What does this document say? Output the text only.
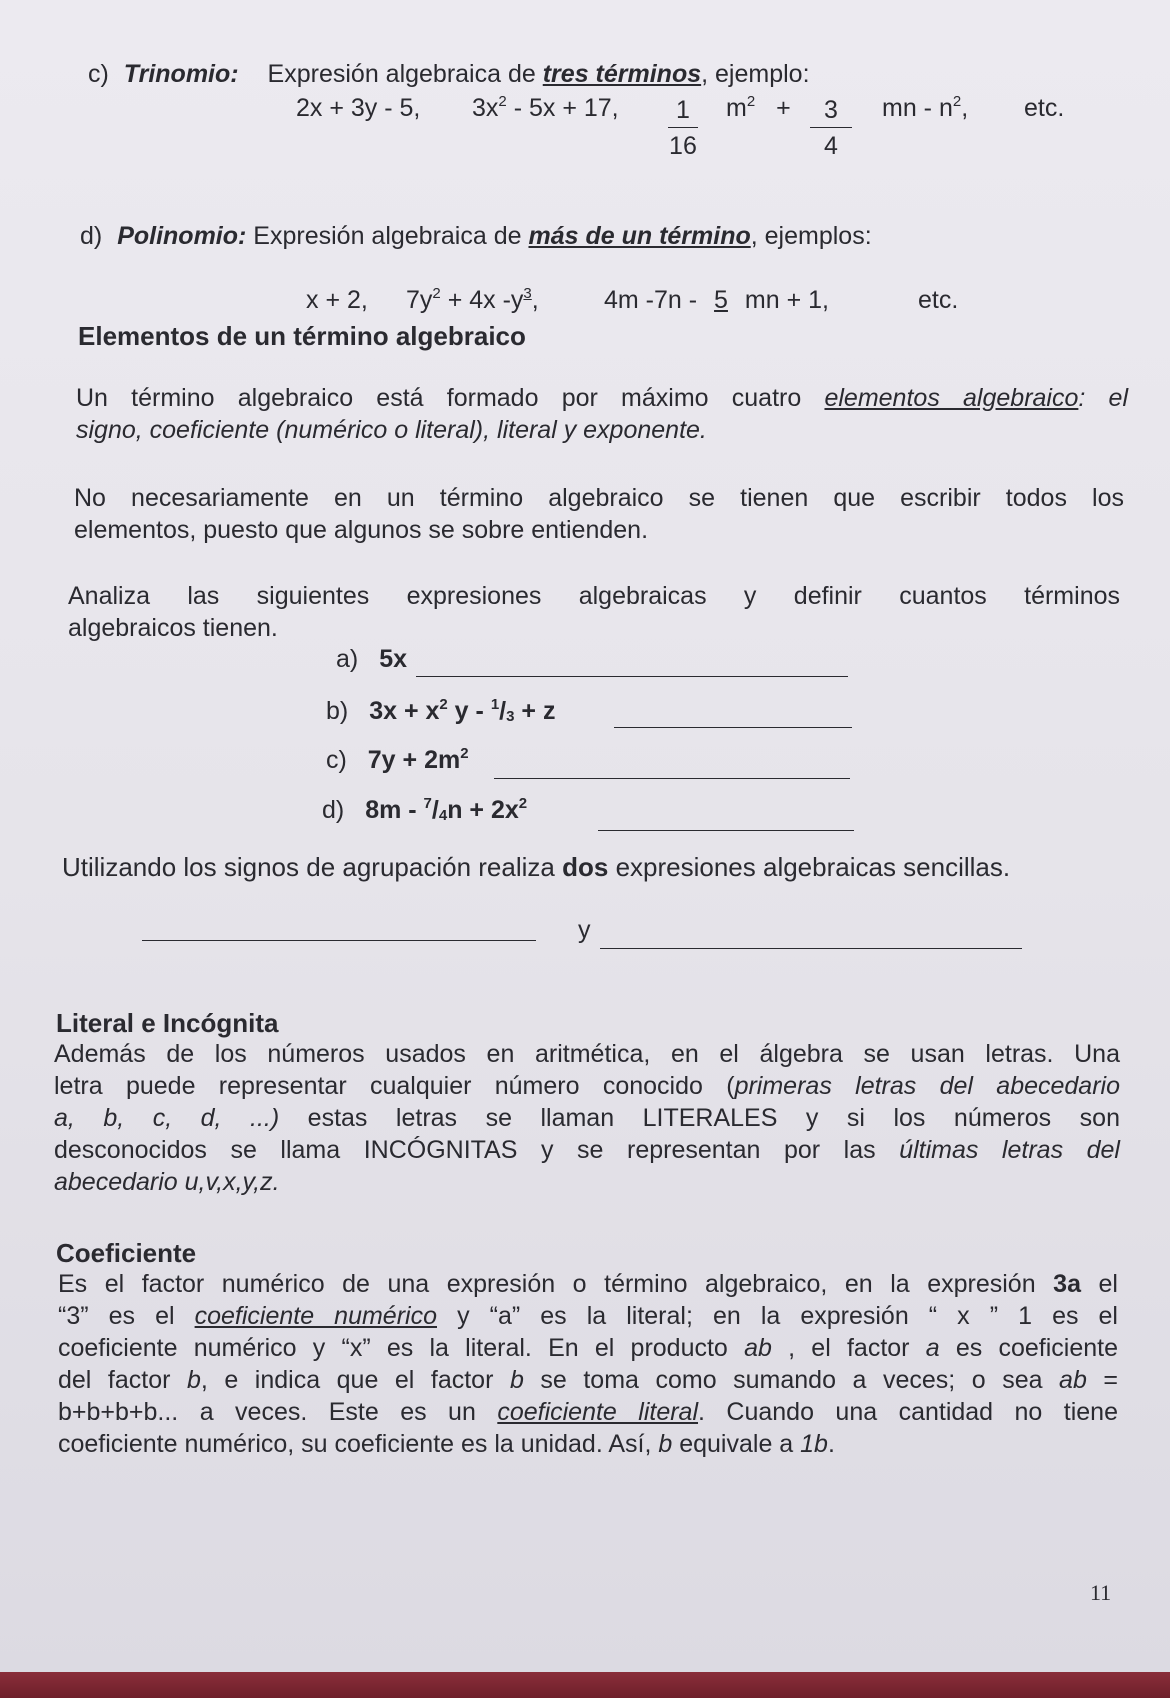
c) Trinomio: Expresión algebraica de tres términos, ejemplo:
2x + 3y - 5, $3x^2 - 5x + 17$, $\frac{1}{16} m^2 + \frac{3}{4}$ mn - $n^2$, etc.
d) Polinomio: Expresión algebraica de más de un término, ejemplos:
x + 2, $7y^2 + 4x$ $-y^3$,	4m -7n - 5 mn + 1,	etc.
Elementos de un término algebraico
Un término algebraico está formado por máximo cuatro elementos algebraico: el
signo, coeficiente (numérico o literal), literal y exponente.
No necesariamente en un término algebraico se tienen que escribir todos los
elementos, puesto que algunos se sobre entienden.
Analiza las siguientes expresiones algebraicas y definir cuantos términos
algebraicos tienen.
a) 5x
b) $3x + x^2$ y - $^1$/3 + z
c) $7y + 2m^2$
d) $8m - ^7/4n + 2x^2$
Utilizando los signos de agrupación realiza dos expresiones algebraicas sencillas.
y
Literal e Incógnita
Además de los números usados en aritmética, en el álgebra se usan letras. Una
letra puede representar cualquier número conocido (primeras letras del abecedario
a, b, c, d, ...) estas letras se llaman LITERALES y si los números son
desconocidos se llama INCÓGNITAS y se representan por las últimas letras del
abecedario u,v,x,y,z.
Coeficiente
Es el factor numérico de una expresión o término algebraico, en la expresión 3a el
“3” es el coeficiente numérico y “a” es la literal; en la expresión “ x ” 1 es el
coeficiente numérico y “x” es la literal. En el producto ab , el factor a es coeficiente
del factor b, e indica que el factor b se toma como sumando a veces; o sea ab =
b+b+b+b... a veces. Este es un coeficiente literal. Cuando una cantidad no tiene
coeficiente numérico, su coeficiente es la unidad. Así, b equivale a 1b.
11
